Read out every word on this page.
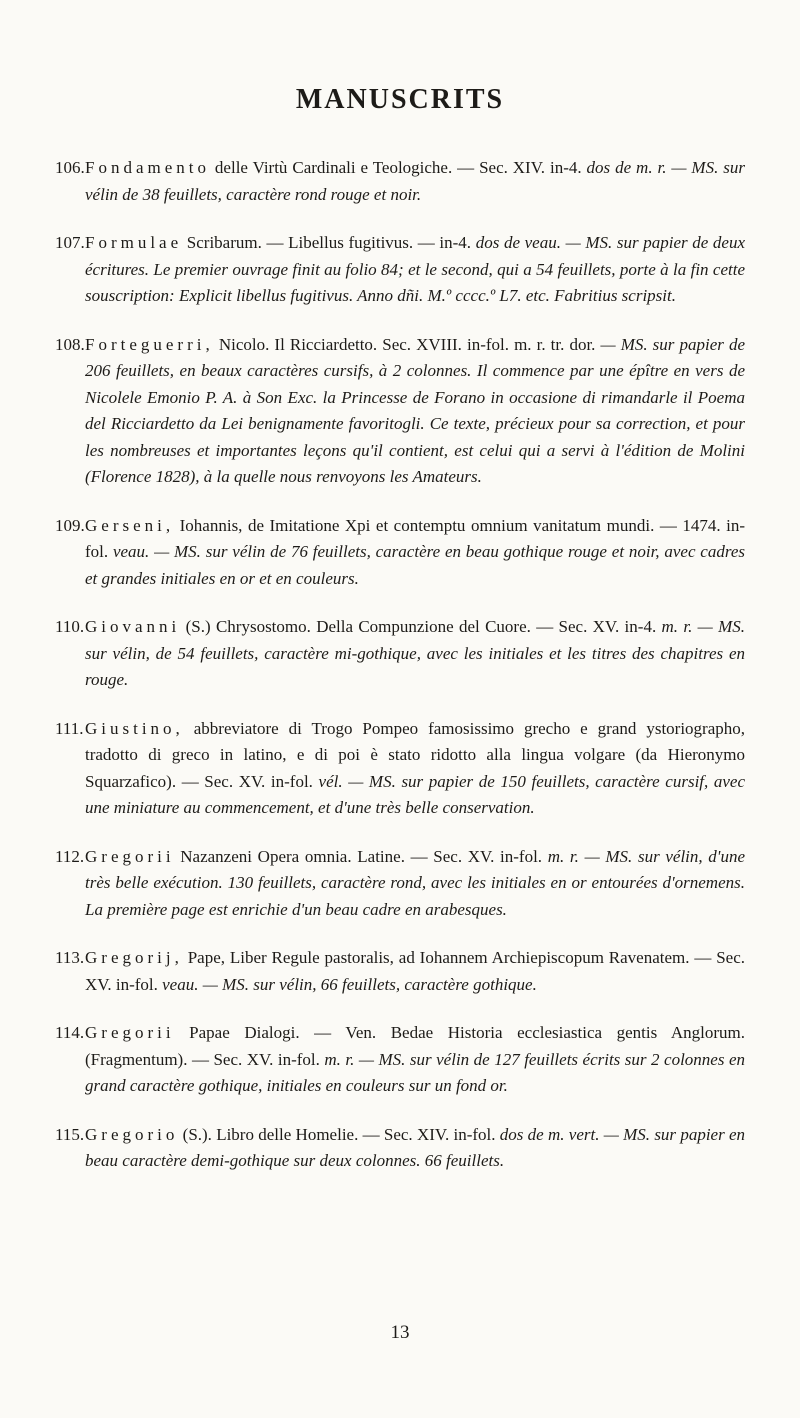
MANUSCRITS

106.Fondamento delle Virtù Cardinali e Teologiche. — Sec. XIV. in-4. dos de m. r. — MS. sur vélin de 38 feuillets, caractère rond rouge et noir.

107.Formulae Scribarum. — Libellus fugitivus. — in-4. dos de veau. — MS. sur papier de deux écritures. Le premier ouvrage finit au folio 84; et le second, qui a 54 feuillets, porte à la fin cette souscription: Explicit libellus fugitivus. Anno dñi. M.º cccc.º L7. etc. Fabritius scripsit.

108.Forteguerri, Nicolo. Il Ricciardetto. Sec. XVIII. in-fol. m. r. tr. dor. — MS. sur papier de 206 feuillets, en beaux caractères cursifs, à 2 colonnes. Il commence par une épître en vers de Nicolele Emonio P. A. à Son Exc. la Princesse de Forano in occasione di rimandarle il Poema del Ricciardetto da Lei benignamente favoritogli. Ce texte, précieux pour sa correction, et pour les nombreuses et importantes leçons qu'il contient, est celui qui a servi à l'édition de Molini (Florence 1828), à la quelle nous renvoyons les Amateurs.

109.Gerseni, Iohannis, de Imitatione Xpi et contemptu omnium vanitatum mundi. — 1474. in-fol. veau. — MS. sur vélin de 76 feuillets, caractère en beau gothique rouge et noir, avec cadres et grandes initiales en or et en couleurs.

110.Giovanni (S.) Chrysostomo. Della Compunzione del Cuore. — Sec. XV. in-4. m. r. — MS. sur vélin, de 54 feuillets, caractère mi-gothique, avec les initiales et les titres des chapitres en rouge.

111.Giustino, abbreviatore di Trogo Pompeo famosissimo grecho e grand ystoriographo, tradotto di greco in latino, e di poi è stato ridotto alla lingua volgare (da Hieronymo Squarzafico). — Sec. XV. in-fol. vél. — MS. sur papier de 150 feuillets, caractère cursif, avec une miniature au commencement, et d'une très belle conservation.

112.Gregorii Nazanzeni Opera omnia. Latine. — Sec. XV. in-fol. m. r. — MS. sur vélin, d'une très belle exécution. 130 feuillets, caractère rond, avec les initiales en or entourées d'ornemens. La première page est enrichie d'un beau cadre en arabesques.

113.Gregorij, Pape, Liber Regule pastoralis, ad Iohannem Archiepiscopum Ravenatem. — Sec. XV. in-fol. veau. — MS. sur vélin, 66 feuillets, caractère gothique.

114.Gregorii Papae Dialogi. — Ven. Bedae Historia ecclesiastica gentis Anglorum. (Fragmentum). — Sec. XV. in-fol. m. r. — MS. sur vélin de 127 feuillets écrits sur 2 colonnes en grand caractère gothique, initiales en couleurs sur un fond or.

115.Gregorio (S.). Libro delle Homelie. — Sec. XIV. in-fol. dos de m. vert. — MS. sur papier en beau caractère demi-gothique sur deux colonnes. 66 feuillets.

13
